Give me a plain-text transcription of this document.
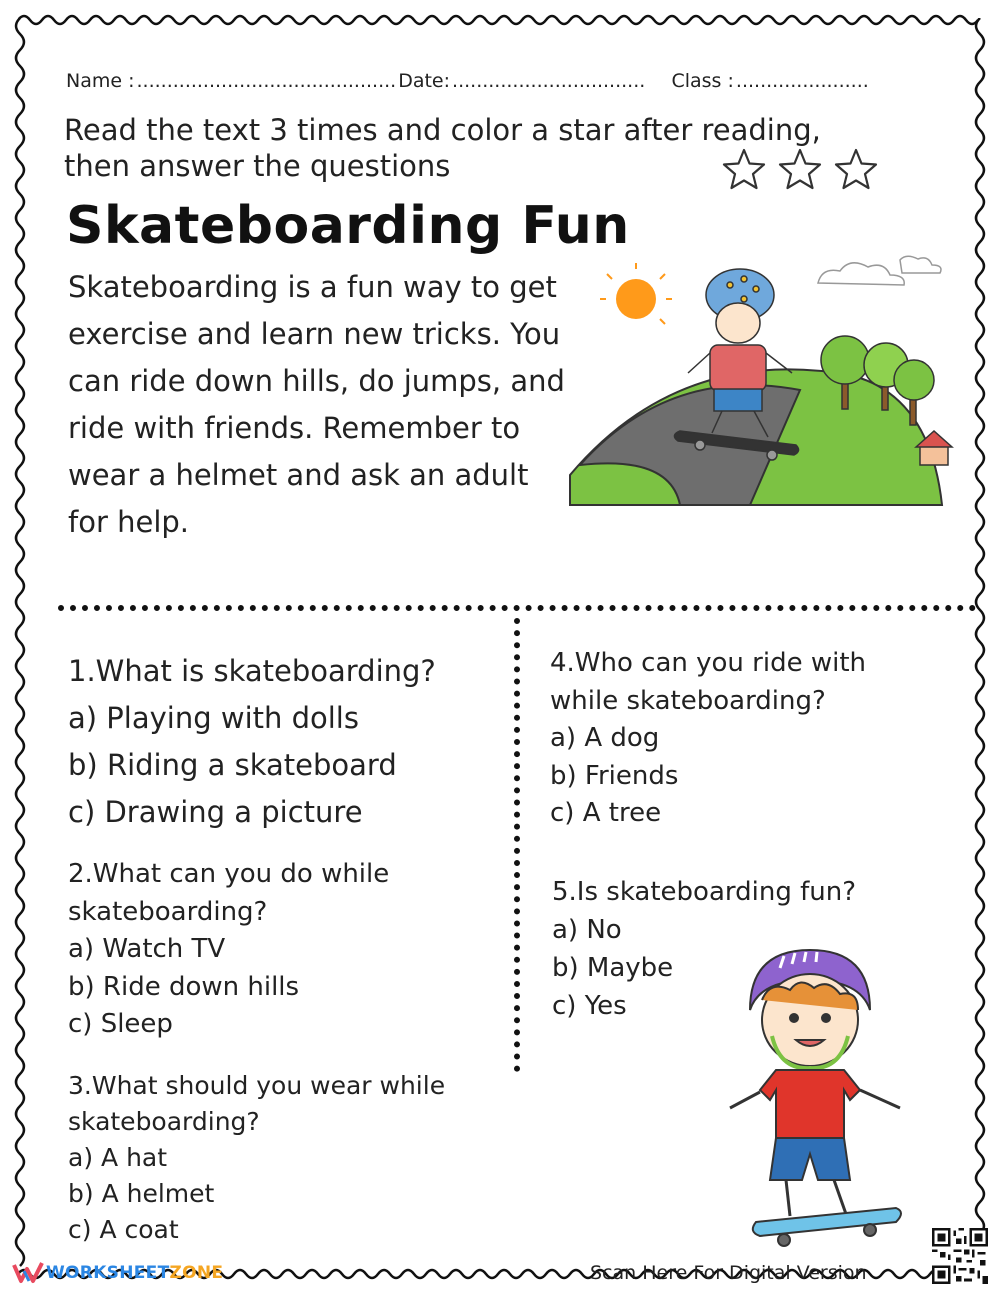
Name : ........................................... Date: ................................ Class : ......................
Read the text 3 times and color a star after reading,
then answer the questions
Skateboarding Fun
Skateboarding is a fun way to get
exercise and learn new tricks. You
can ride down hills, do jumps, and
ride with friends. Remember to
wear a helmet and ask an adult
for help.
1.What is skateboarding?
a) Playing with dolls
b) Riding a skateboard
c) Drawing a picture
2.What can you do while
skateboarding?
a) Watch TV
b) Ride down hills
c) Sleep
3.What should you wear while
skateboarding?
a) A hat
b) A helmet
c) A coat
4.Who can you ride with
while skateboarding?
a) A dog
b) Friends
c) A tree
5.Is skateboarding fun?
a) No
b) Maybe
c) Yes
WORKSHEETZONE	Scan Here For Digital Version
